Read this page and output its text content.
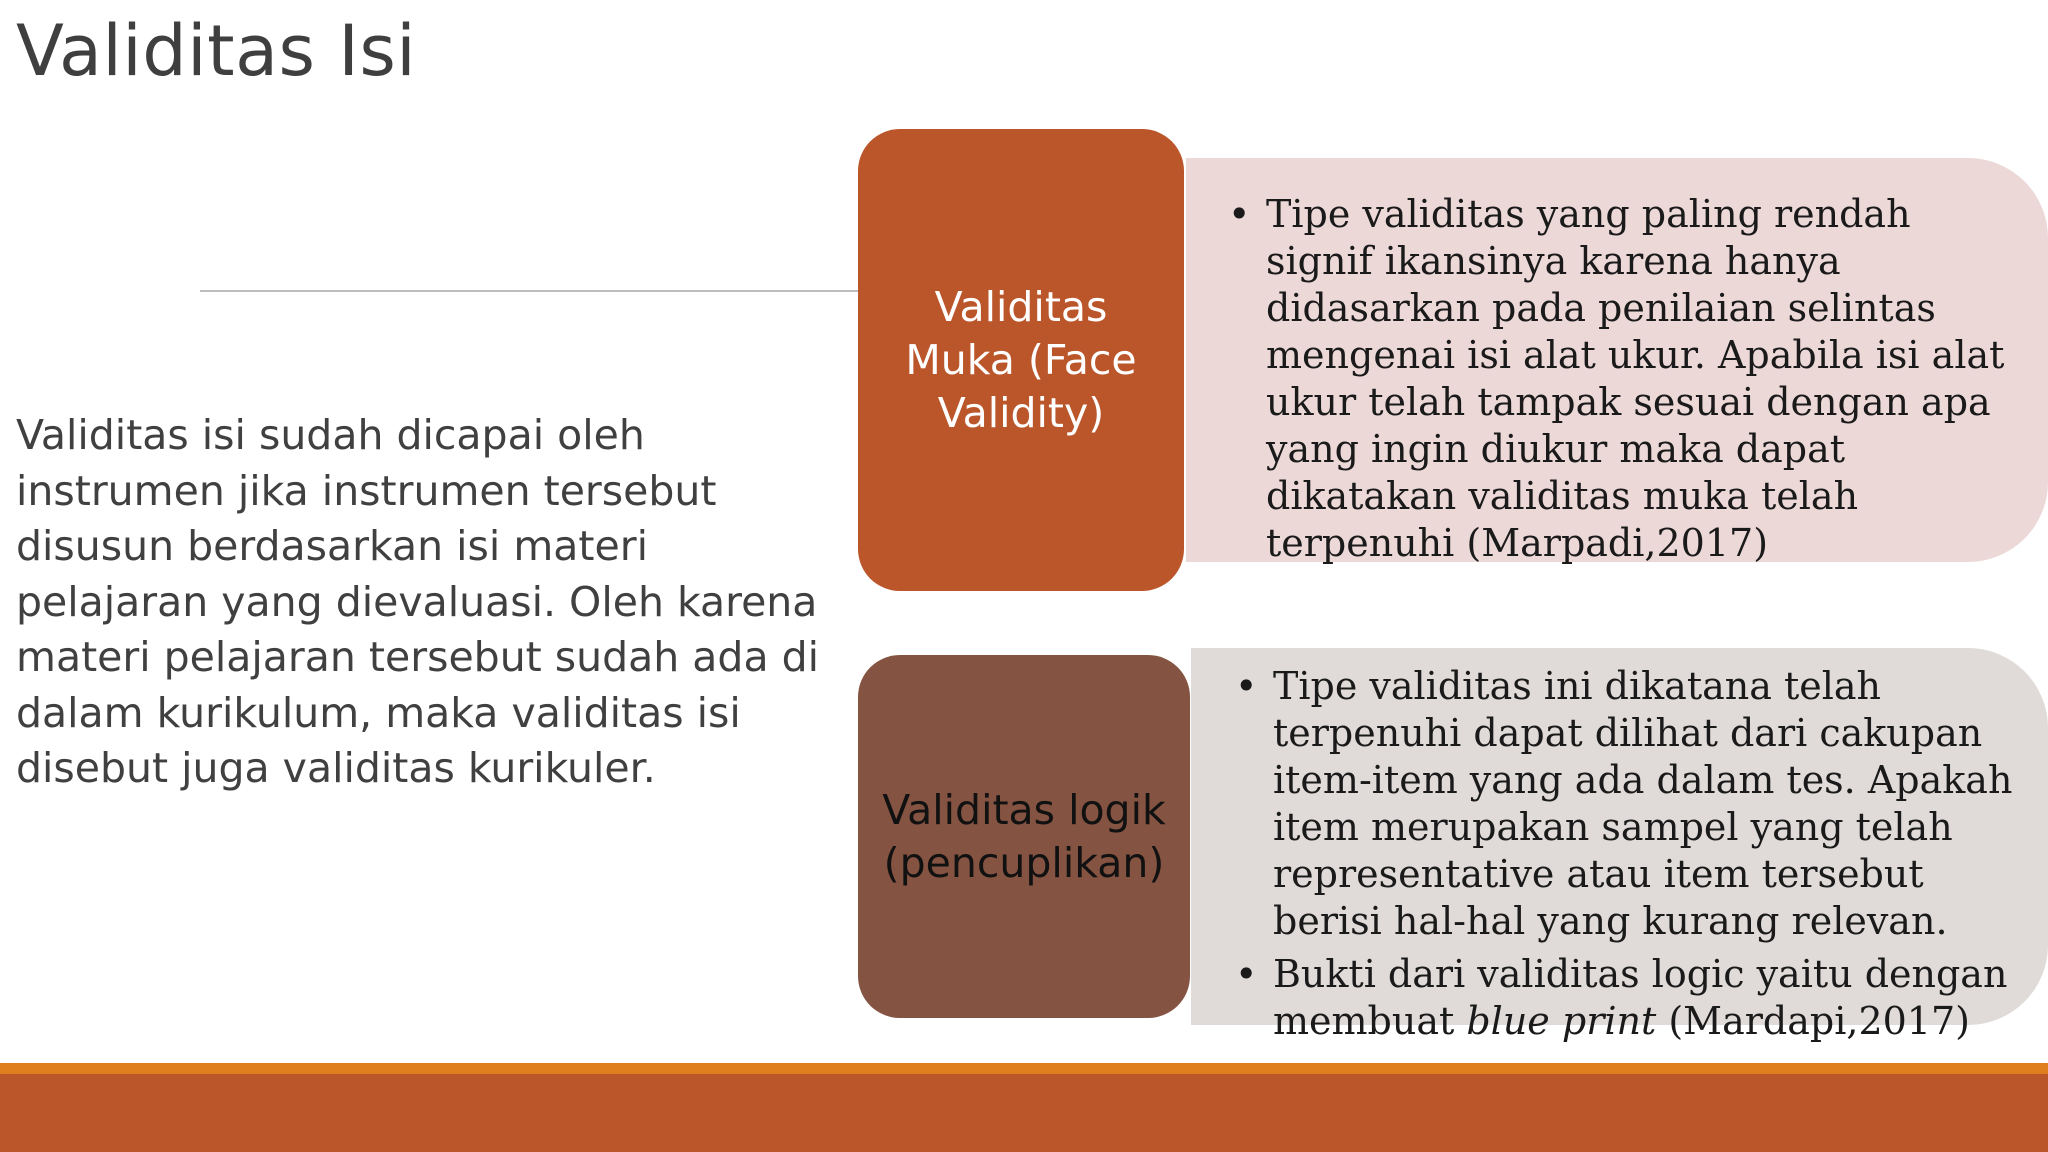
Validitas Isi
Validitas isi sudah dicapai oleh instrumen jika instrumen tersebut disusun berdasarkan isi materi pelajaran yang dievaluasi. Oleh karena materi pelajaran tersebut sudah ada di dalam kurikulum, maka validitas isi disebut juga validitas kurikuler.
Validitas Muka (Face Validity)
• Tipe validitas yang paling rendah signif ikansinya karena hanya didasarkan pada penilaian selintas mengenai isi alat ukur. Apabila isi alat ukur telah tampak sesuai dengan apa yang ingin diukur maka dapat dikatakan validitas muka telah terpenuhi (Marpadi,2017)
Validitas logik (pencuplikan)
• Tipe validitas ini dikatana telah terpenuhi dapat dilihat dari cakupan item-item yang ada dalam tes. Apakah item merupakan sampel yang telah representative atau item tersebut berisi hal-hal yang kurang relevan.
• Bukti dari validitas logic yaitu dengan membuat blue print (Mardapi,2017)
